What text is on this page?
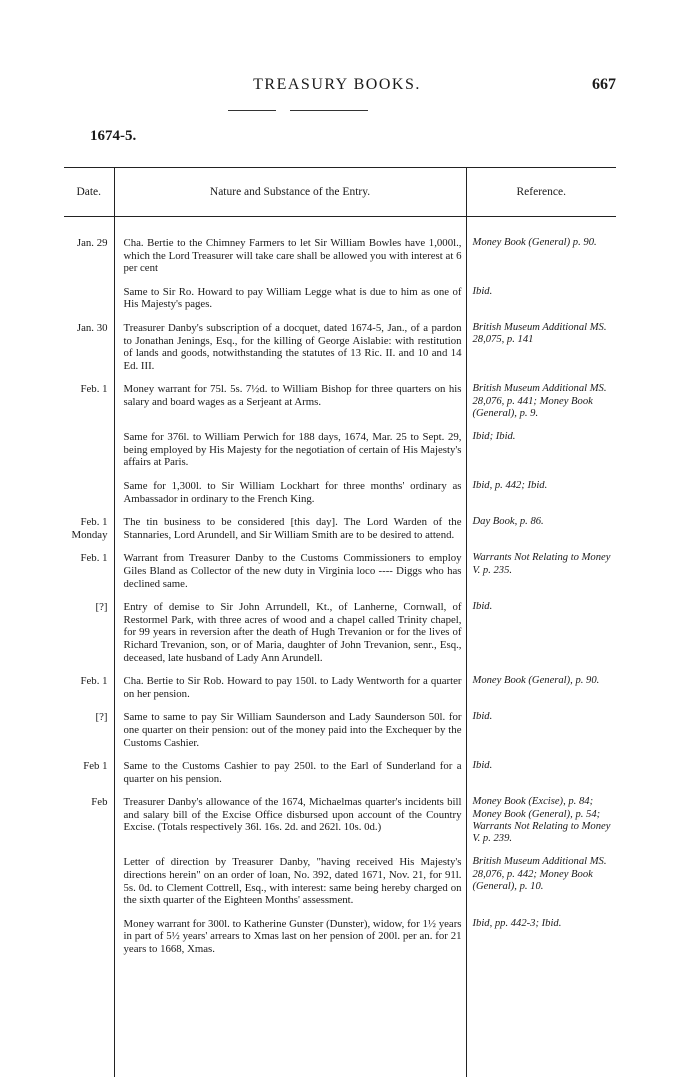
TREASURY BOOKS.	667
1674-5.
Date.	Nature and Substance of the Entry.	Reference.

Jan. 29	Cha. Bertie to the Chimney Farmers to let Sir William Bowles have 1,000l., which the Lord Treasurer will take care shall be allowed you with interest at 6 per cent	Money Book (General) p. 90.

	Same to Sir Ro. Howard to pay William Legge what is due to him as one of His Majesty's pages.	Ibid.

Jan. 30	Treasurer Danby's subscription of a docquet, dated 1674-5, Jan., of a pardon to Jonathan Jenings, Esq., for the killing of George Aislabie: with restitution of lands and goods, notwithstanding the statutes of 13 Ric. II. and 10 and 14 Ed. III.	British Museum Additional MS. 28,075, p. 141

Feb. 1	Money warrant for 75l. 5s. 7½d. to William Bishop for three quarters on his salary and board wages as a Serjeant at Arms.	British Museum Additional MS. 28,076, p. 441; Money Book (General), p. 9.

	Same for 376l. to William Perwich for 188 days, 1674, Mar. 25 to Sept. 29, being employed by His Majesty for the negotiation of certain of His Majesty's affairs at Paris.	Ibid; Ibid.

	Same for 1,300l. to Sir William Lockhart for three months' ordinary as Ambassador in ordinary to the French King.	Ibid, p. 442; Ibid.

Feb. 1
Monday	The tin business to be considered [this day]. The Lord Warden of the Stannaries, Lord Arundell, and Sir William Smith are to be desired to attend.	Day Book, p. 86.

Feb. 1	Warrant from Treasurer Danby to the Customs Commissioners to employ Giles Bland as Collector of the new duty in Virginia loco ---- Diggs who has declined same.	Warrants Not Relating to Money V. p. 235.

[?]	Entry of demise to Sir John Arrundell, Kt., of Lanherne, Cornwall, of Restormel Park, with three acres of wood and a chapel called Trinity chapel, for 99 years in reversion after the death of Hugh Trevanion or for the lives of Richard Trevanion, son, or of Maria, daughter of John Trevanion, senr., Esq., deceased, late husband of Lady Ann Arundell.	Ibid.

Feb. 1	Cha. Bertie to Sir Rob. Howard to pay 150l. to Lady Wentworth for a quarter on her pension.	Money Book (General), p. 90.

[?]	Same to same to pay Sir William Saunderson and Lady Saunderson 50l. for one quarter on their pension: out of the money paid into the Exchequer by the Customs Cashier.	Ibid.

Feb 1	Same to the Customs Cashier to pay 250l. to the Earl of Sunderland for a quarter on his pension.	Ibid.

Feb	Treasurer Danby's allowance of the 1674, Michaelmas quarter's incidents bill and salary bill of the Excise Office disbursed upon account of the Country Excise. (Totals respectively 36l. 16s. 2d. and 262l. 10s. 0d.)	Money Book (Excise), p. 84; Money Book (General), p. 54; Warrants Not Relating to Money V. p. 239.

	Letter of direction by Treasurer Danby, "having received His Majesty's directions herein" on an order of loan, No. 392, dated 1671, Nov. 21, for 91l. 5s. 0d. to Clement Cottrell, Esq., with interest: same being hereby charged on the sixth quarter of the Eighteen Months' assessment.	British Museum Additional MS. 28,076, p. 442; Money Book (General), p. 10.

	Money warrant for 300l. to Katherine Gunster (Dunster), widow, for 1½ years in part of 5½ years' arrears to Xmas last on her pension of 200l. per an. for 21 years to 1668, Xmas.	Ibid, pp. 442-3; Ibid.
